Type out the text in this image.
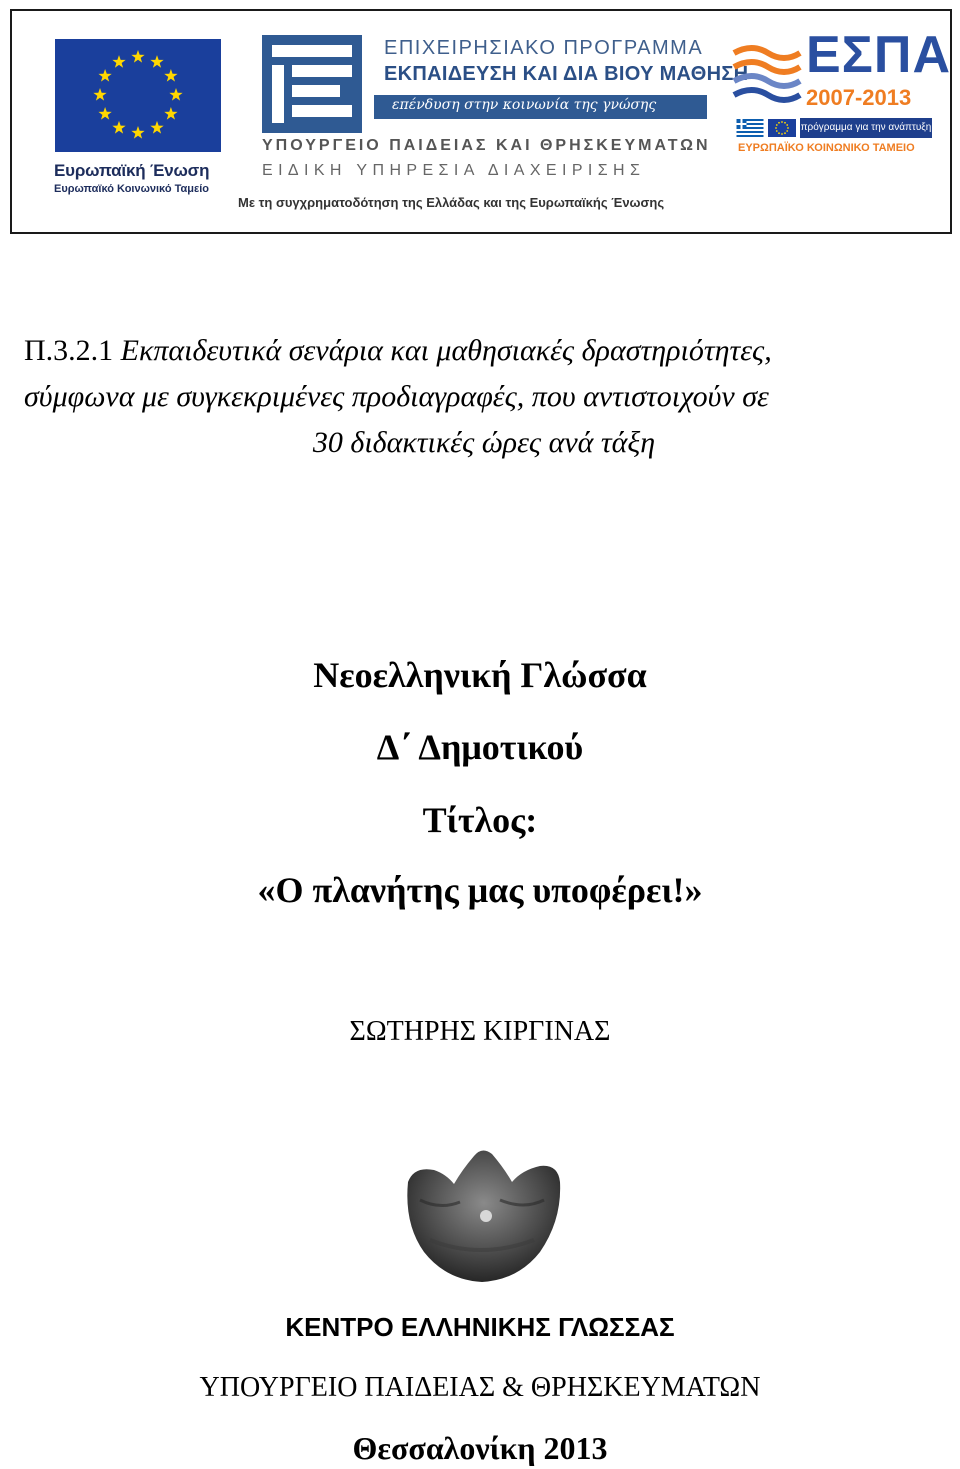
Ευρωπαϊκή Ένωση
Ευρωπαϊκό Κοινωνικό Ταμείο
ΕΠΙΧΕΙΡΗΣΙΑΚΟ ΠΡΟΓΡΑΜΜΑ
ΕΚΠΑΙΔΕΥΣΗ ΚΑΙ ΔΙΑ ΒΙΟΥ ΜΑΘΗΣΗ
επένδυση στην κοινωνία της γνώσης
ΥΠΟΥΡΓΕΙΟ ΠΑΙΔΕΙΑΣ ΚΑΙ ΘΡΗΣΚΕΥΜΑΤΩΝ
ΕΙΔΙΚΗ ΥΠΗΡΕΣΙΑ ΔΙΑΧΕΙΡΙΣΗΣ
Με τη συγχρηματοδότηση της Ελλάδας και της Ευρωπαϊκής Ένωσης
ΕΣΠΑ
2007-2013
πρόγραμμα για την ανάπτυξη
ΕΥΡΩΠΑΪΚΟ ΚΟΙΝΩΝΙΚΟ ΤΑΜΕΙΟ
Π.3.2.1 Εκπαιδευτικά σενάρια και μαθησιακές δραστηριότητες,
σύμφωνα με συγκεκριμένες προδιαγραφές, που αντιστοιχούν σε
30 διδακτικές ώρες ανά τάξη
Νεοελληνική Γλώσσα
Δ΄ Δημοτικού
Τίτλος:
«Ο πλανήτης μας υποφέρει!»
ΣΩΤΗΡΗΣ ΚΙΡΓΙΝΑΣ
ΚΕΝΤΡΟ ΕΛΛΗΝΙΚΗΣ ΓΛΩΣΣΑΣ
ΥΠΟΥΡΓΕΙΟ ΠΑΙΔΕΙΑΣ & ΘΡΗΣΚΕΥΜΑΤΩΝ
Θεσσαλονίκη 2013
